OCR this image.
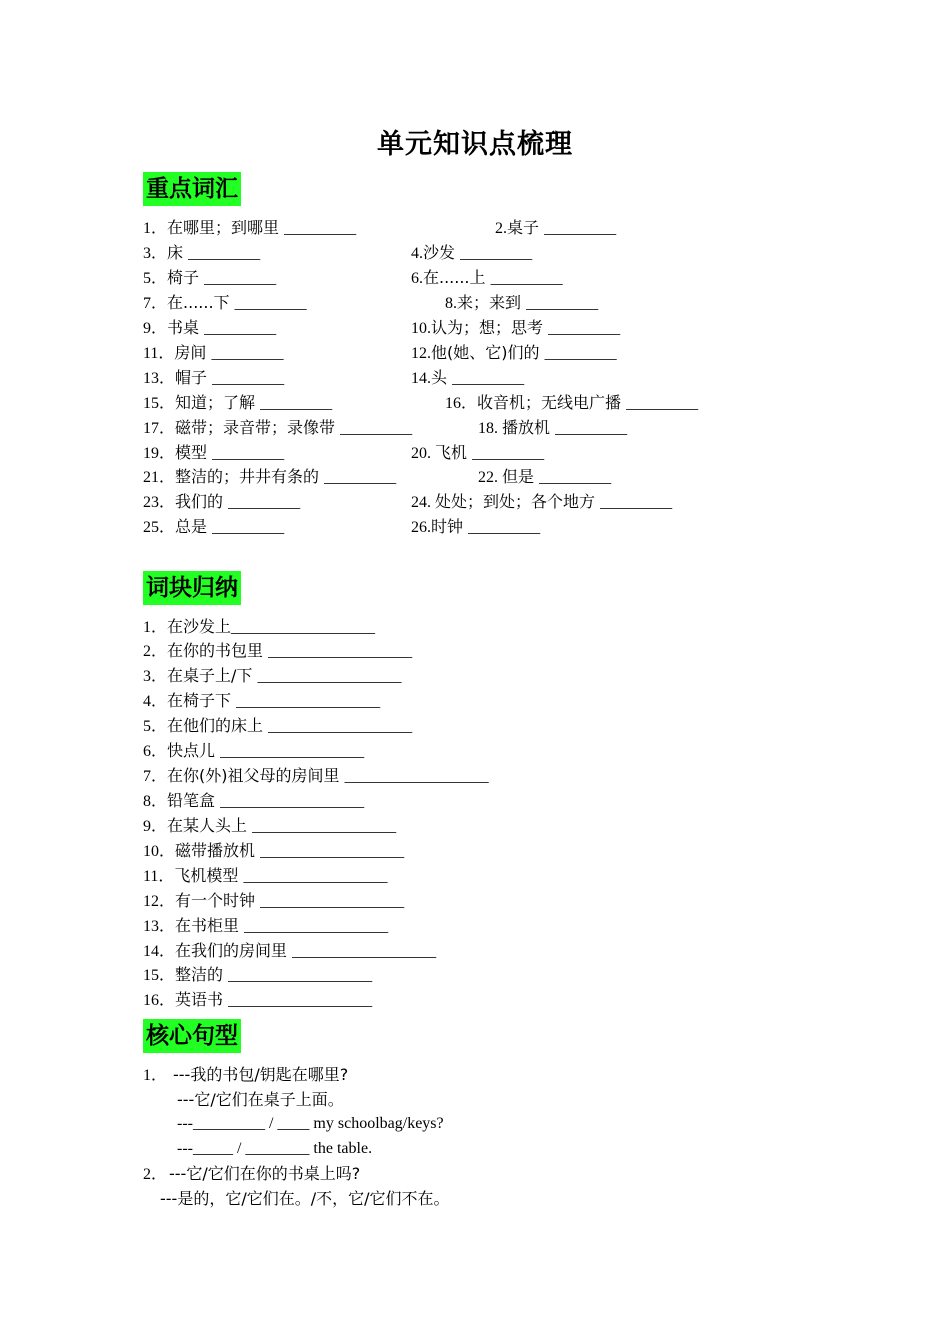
单元知识点梳理
重点词汇
1．在哪里；到哪里 _________	2.桌子 _________
3．床 _________	4.沙发 _________
5．椅子 _________	6.在......上 _________
7．在......下 _________	8.来；来到 _________
9．书桌 _________	10.认为；想；思考 _________
11．房间 _________	12.他(她、它)们的 _________
13．帽子 _________	14.头 _________
15．知道；了解 _________	16．收音机；无线电广播 _________
17．磁带；录音带；录像带 _________	18. 播放机 _________
19．模型 _________	20. 飞机 _________
21．整洁的；井井有条的 _________	22. 但是 _________
23．我们的 _________	24. 处处；到处；各个地方 _________
25．总是 _________	26.时钟 _________
词块归纳
1．在沙发上__________________
2．在你的书包里 __________________
3．在桌子上/下 __________________
4．在椅子下 __________________
5．在他们的床上 __________________
6．快点儿 __________________
7．在你(外)祖父母的房间里 __________________
8．铅笔盒 __________________
9．在某人头上 __________________
10．磁带播放机 __________________
11．飞机模型 __________________
12．有一个时钟 __________________
13．在书柜里 __________________
14．在我们的房间里 __________________
15．整洁的 __________________
16．英语书 __________________
核心句型
1． ---我的书包/钥匙在哪里?
---它/它们在桌子上面。
---_________ / ____ my schoolbag/keys?
---_____ / ________ the table.
2． ---它/它们在你的书桌上吗?
---是的，它/它们在。/不，它/它们不在。
